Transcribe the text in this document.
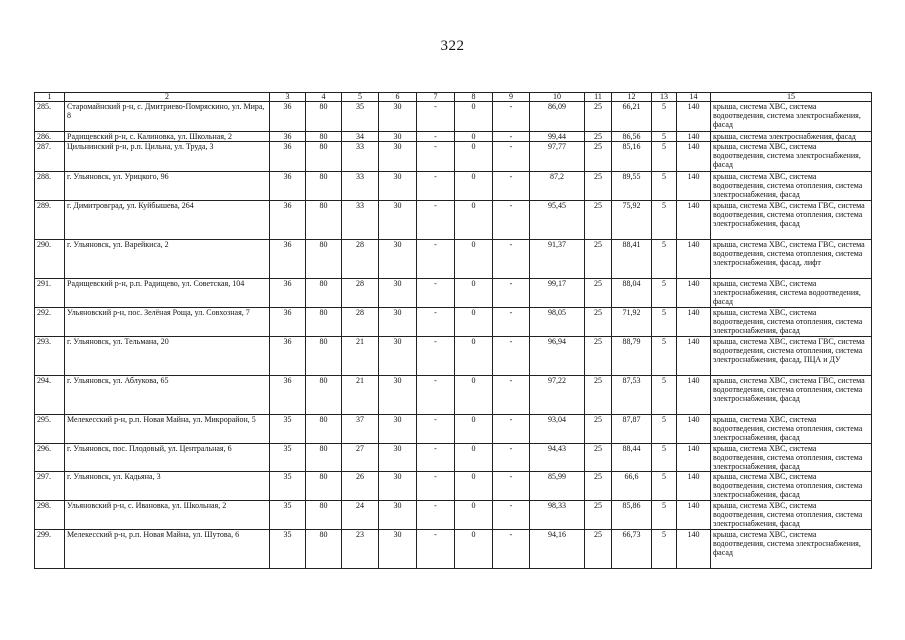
322
1	2	3	4	5	6	7	8	9	10	11	12	13	14	15
285.	Старомайнский р-н, с. Дмитриево-Помряскино, ул. Мира, 8	36	80	35	30	-	0	-	86,09	25	66,21	5	140	крыша, система ХВС, система водоотведения, система электроснабжения, фасад
286.	Радищевский р-н, с. Калиновка, ул. Школьная, 2	36	80	34	30	-	0	-	99,44	25	86,56	5	140	крыша, система электроснабжения, фасад
287.	Цильнинский р-н, р.п. Цильна, ул. Труда, 3	36	80	33	30	-	0	-	97,77	25	85,16	5	140	крыша, система ХВС, система водоотведения, система электроснабжения, фасад
288.	г. Ульяновск, ул. Урицкого, 96	36	80	33	30	-	0	-	87,2	25	89,55	5	140	крыша, система ХВС, система водоотведения, система отопления, система электроснабжения, фасад
289.	г. Димитровград, ул. Куйбышева, 264	36	80	33	30	-	0	-	95,45	25	75,92	5	140	крыша, система ХВС, система ГВС, система водоотведения, система отопления, система электроснабжения, фасад
290.	г. Ульяновск, ул. Варейкиса, 2	36	80	28	30	-	0	-	91,37	25	88,41	5	140	крыша, система ХВС, система ГВС, система водоотведения, система отопления, система электроснабжения, фасад, лифт
291.	Радищевский р-н, р.п. Радищево, ул. Советская, 104	36	80	28	30	-	0	-	99,17	25	88,04	5	140	крыша, система ХВС, система электроснабжения, система водоотведения, фасад
292.	Ульяновский р-н, пос. Зелёная Роща, ул. Совхозная, 7	36	80	28	30	-	0	-	98,05	25	71,92	5	140	крыша, система ХВС, система водоотведения, система отопления, система электроснабжения, фасад
293.	г. Ульяновск, ул. Тельмана, 20	36	80	21	30	-	0	-	96,94	25	88,79	5	140	крыша, система ХВС, система ГВС, система водоотведения, система отопления, система электроснабжения, фасад, ПЦА и ДУ
294.	г. Ульяновск, ул. Аблукова, 65	36	80	21	30	-	0	-	97,22	25	87,53	5	140	крыша, система ХВС, система ГВС, система водоотведения, система отопления, система электроснабжения, фасад
295.	Мелекесский р-н, р.п. Новая Майна, ул. Микрорайон, 5	35	80	37	30	-	0	-	93,04	25	87,87	5	140	крыша, система ХВС, система водоотведения, система отопления, система электроснабжения, фасад
296.	г. Ульяновск, пос. Плодовый, ул. Центральная, 6	35	80	27	30	-	0	-	94,43	25	88,44	5	140	крыша, система ХВС, система водоотведения, система отопления, система электроснабжения, фасад
297.	г. Ульяновск, ул. Кадьяна, 3	35	80	26	30	-	0	-	85,99	25	66,6	5	140	крыша, система ХВС, система водоотведения, система отопления, система электроснабжения, фасад
298.	Ульяновский р-н, с. Ивановка, ул. Школьная, 2	35	80	24	30	-	0	-	98,33	25	85,86	5	140	крыша, система ХВС, система водоотведения, система отопления, система электроснабжения, фасад
299.	Мелекесский р-н, р.п. Новая Майна, ул. Шутова, 6	35	80	23	30	-	0	-	94,16	25	66,73	5	140	крыша, система ХВС, система водоотведения, система электроснабжения, фасад
